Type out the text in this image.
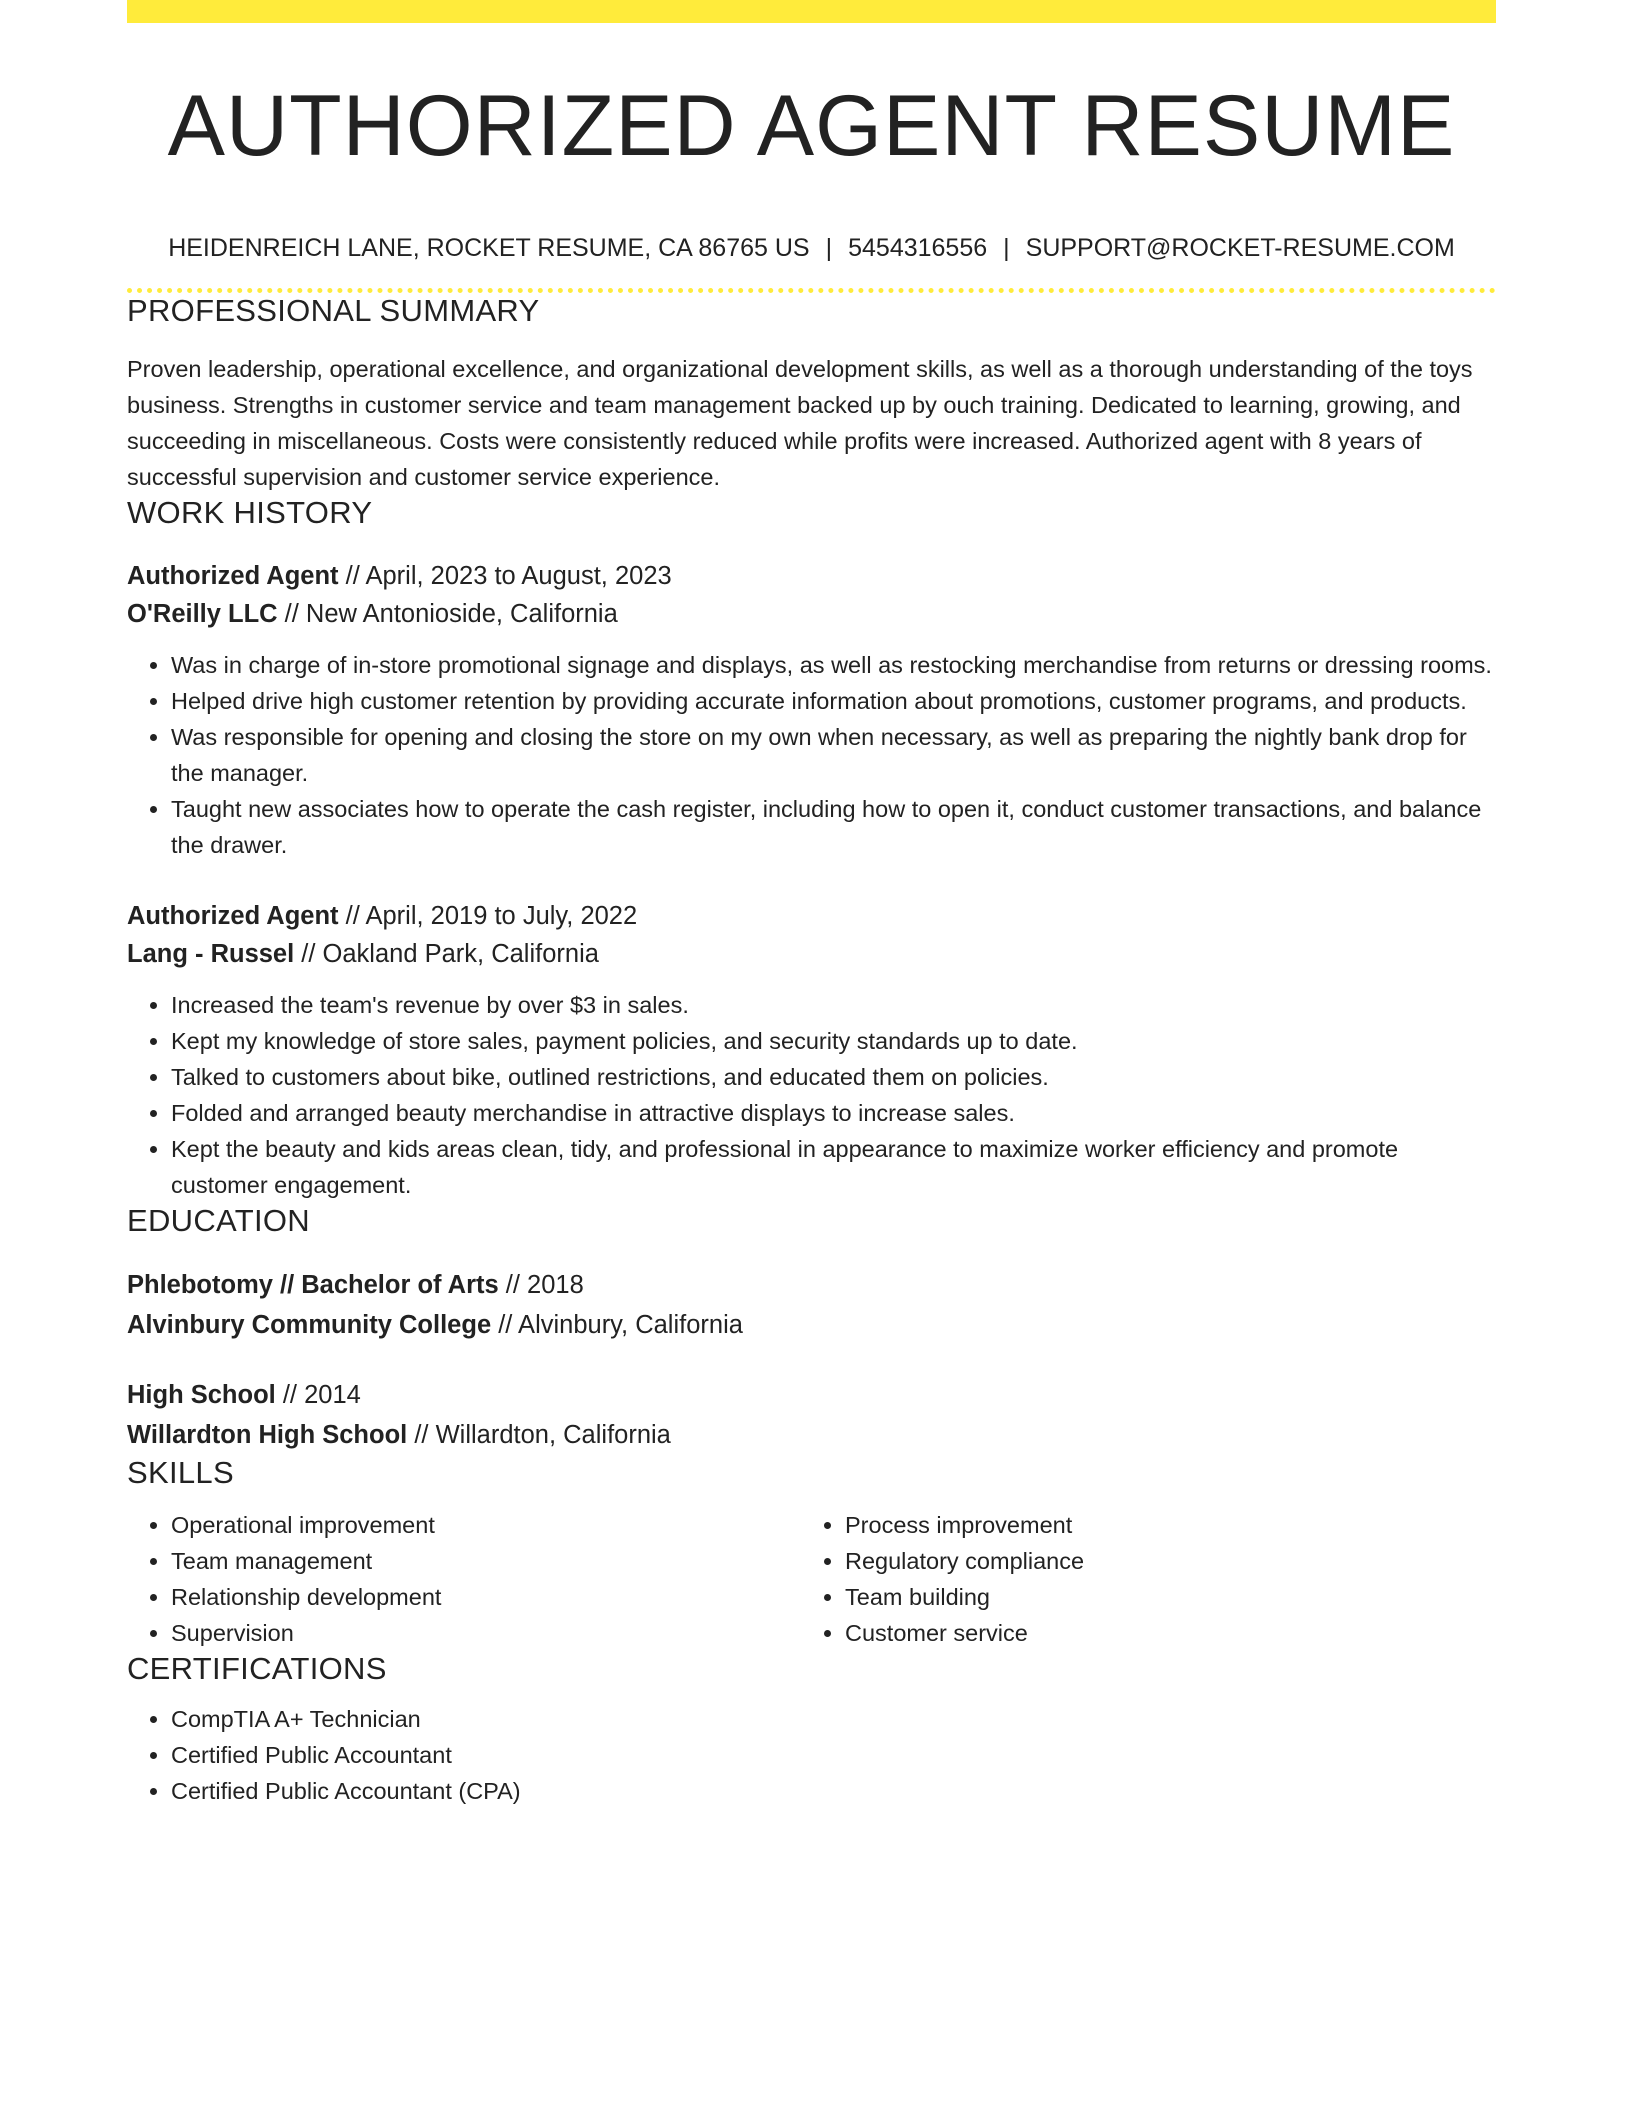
AUTHORIZED AGENT RESUME
HEIDENREICH LANE, ROCKET RESUME, CA 86765 US | 5454316556 | SUPPORT@ROCKET-RESUME.COM
PROFESSIONAL SUMMARY
Proven leadership, operational excellence, and organizational development skills, as well as a thorough understanding of the toys business. Strengths in customer service and team management backed up by ouch training. Dedicated to learning, growing, and succeeding in miscellaneous. Costs were consistently reduced while profits were increased. Authorized agent with 8 years of successful supervision and customer service experience.
WORK HISTORY
Authorized Agent // April, 2023 to August, 2023
O'Reilly LLC // New Antonioside, California
• Was in charge of in-store promotional signage and displays, as well as restocking merchandise from returns or dressing rooms.
• Helped drive high customer retention by providing accurate information about promotions, customer programs, and products.
• Was responsible for opening and closing the store on my own when necessary, as well as preparing the nightly bank drop for the manager.
• Taught new associates how to operate the cash register, including how to open it, conduct customer transactions, and balance the drawer.
Authorized Agent // April, 2019 to July, 2022
Lang - Russel // Oakland Park, California
• Increased the team's revenue by over $3 in sales.
• Kept my knowledge of store sales, payment policies, and security standards up to date.
• Talked to customers about bike, outlined restrictions, and educated them on policies.
• Folded and arranged beauty merchandise in attractive displays to increase sales.
• Kept the beauty and kids areas clean, tidy, and professional in appearance to maximize worker efficiency and promote customer engagement.
EDUCATION
Phlebotomy // Bachelor of Arts // 2018
Alvinbury Community College // Alvinbury, California
High School // 2014
Willardton High School // Willardton, California
SKILLS
• Operational improvement
• Team management
• Relationship development
• Supervision
• Process improvement
• Regulatory compliance
• Team building
• Customer service
CERTIFICATIONS
• CompTIA A+ Technician
• Certified Public Accountant
• Certified Public Accountant (CPA)
